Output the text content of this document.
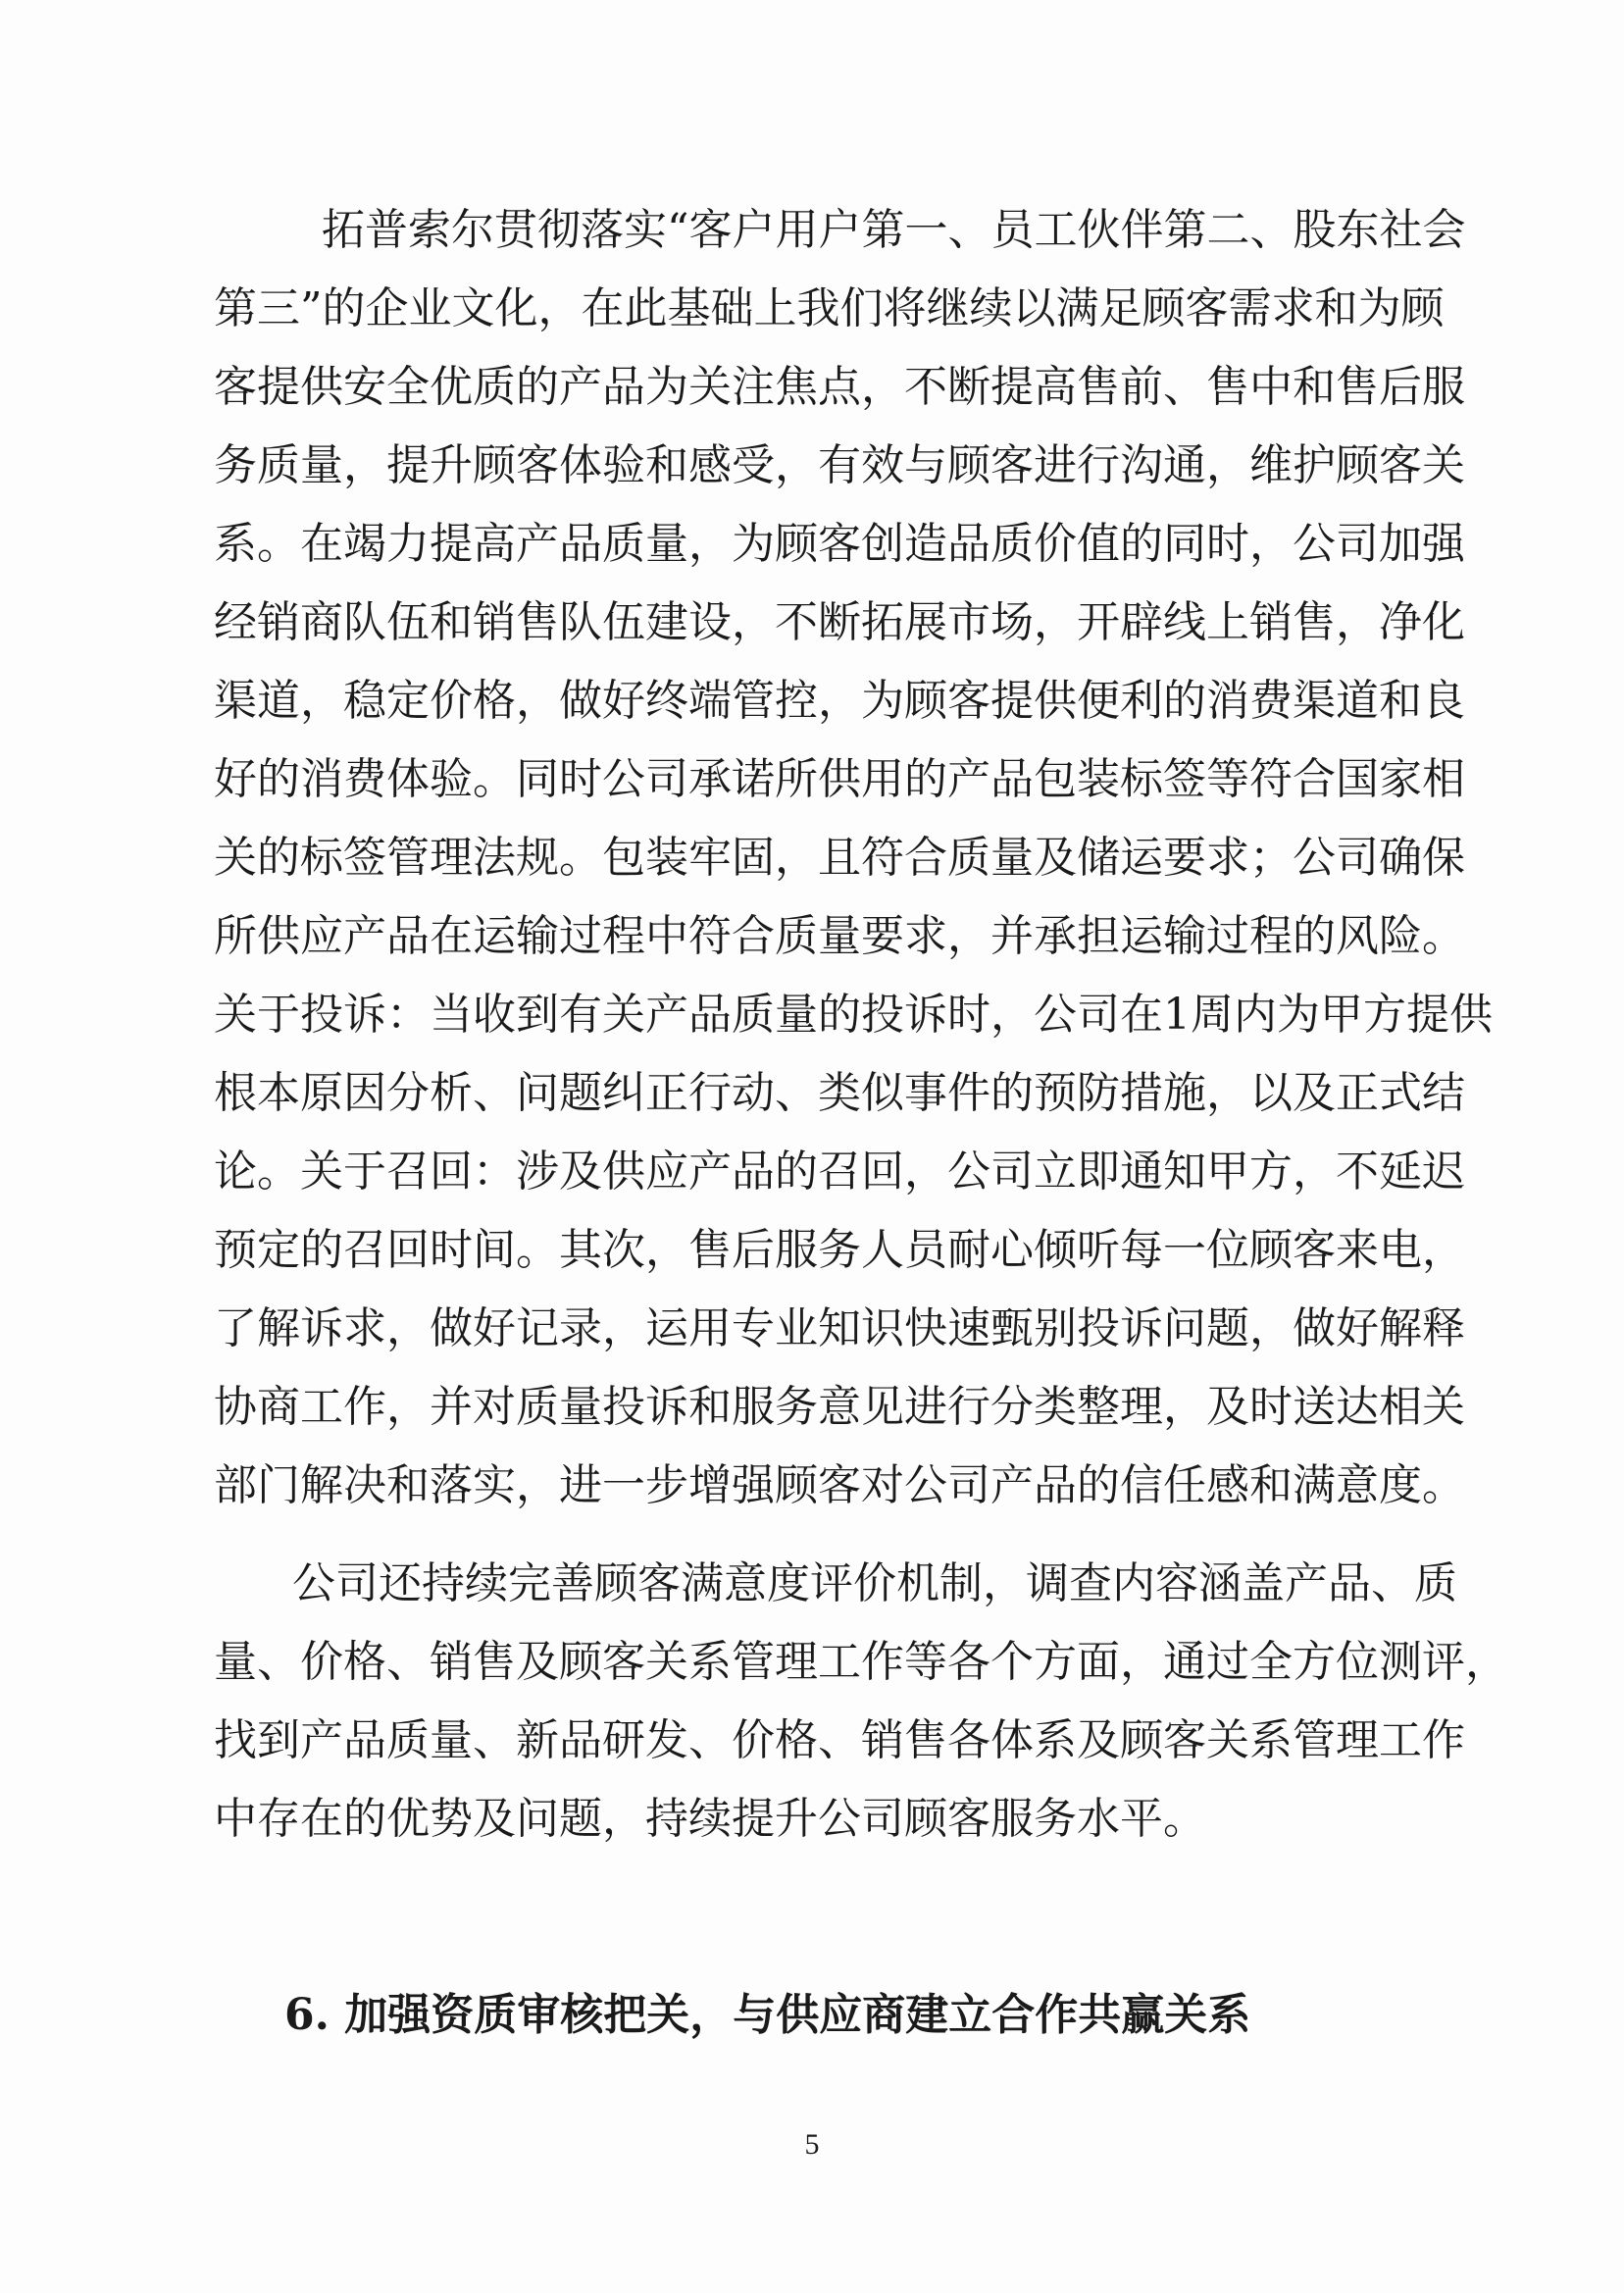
拓普索尔贯彻落实“客户用户第一、员工伙伴第二、股东社会
第三”的企业文化，在此基础上我们将继续以满足顾客需求和为顾
客提供安全优质的产品为关注焦点，不断提高售前、售中和售后服
务质量，提升顾客体验和感受，有效与顾客进行沟通，维护顾客关
系。在竭力提高产品质量，为顾客创造品质价值的同时，公司加强
经销商队伍和销售队伍建设，不断拓展市场，开辟线上销售，净化
渠道，稳定价格，做好终端管控，为顾客提供便利的消费渠道和良
好的消费体验。同时公司承诺所供用的产品包装标签等符合国家相
关的标签管理法规。包装牢固，且符合质量及储运要求；公司确保
所供应产品在运输过程中符合质量要求，并承担运输过程的风险。
关于投诉：当收到有关产品质量的投诉时，公司在1周内为甲方提供
根本原因分析、问题纠正行动、类似事件的预防措施，以及正式结
论。关于召回：涉及供应产品的召回，公司立即通知甲方，不延迟
预定的召回时间。其次，售后服务人员耐心倾听每一位顾客来电，
了解诉求，做好记录，运用专业知识快速甄别投诉问题，做好解释
协商工作，并对质量投诉和服务意见进行分类整理，及时送达相关
部门解决和落实，进一步增强顾客对公司产品的信任感和满意度。
公司还持续完善顾客满意度评价机制，调查内容涵盖产品、质
量、价格、销售及顾客关系管理工作等各个方面，通过全方位测评，
找到产品质量、新品研发、价格、销售各体系及顾客关系管理工作
中存在的优势及问题，持续提升公司顾客服务水平。
6. 加强资质审核把关，与供应商建立合作共赢关系
5
